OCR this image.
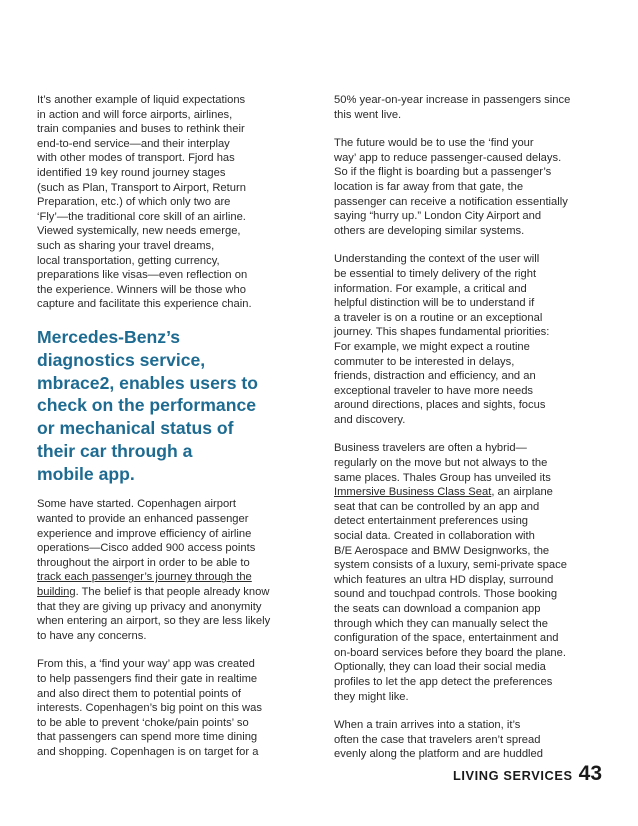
It’s another example of liquid expectations
in action and will force airports, airlines,
train companies and buses to rethink their
end-to-end service—and their interplay
with other modes of transport. Fjord has
identified 19 key round journey stages
(such as Plan, Transport to Airport, Return
Preparation, etc.) of which only two are
‘Fly’—the traditional core skill of an airline.
Viewed systemically, new needs emerge,
such as sharing your travel dreams,
local transportation, getting currency,
preparations like visas—even reflection on
the experience. Winners will be those who
capture and facilitate this experience chain.

Mercedes-Benz’s
diagnostics service,
mbrace2, enables users to
check on the performance
or mechanical status of
their car through a
mobile app.

Some have started. Copenhagen airport
wanted to provide an enhanced passenger
experience and improve efficiency of airline
operations—Cisco added 900 access points
throughout the airport in order to be able to
track each passenger’s journey through the
building. The belief is that people already know
that they are giving up privacy and anonymity
when entering an airport, so they are less likely
to have any concerns.

From this, a ‘find your way’ app was created
to help passengers find their gate in realtime
and also direct them to potential points of
interests. Copenhagen’s big point on this was
to be able to prevent ‘choke/pain points’ so
that passengers can spend more time dining
and shopping. Copenhagen is on target for a

50% year-on-year increase in passengers since
this went live.

The future would be to use the ‘find your
way’ app to reduce passenger-caused delays.
So if the flight is boarding but a passenger’s
location is far away from that gate, the
passenger can receive a notification essentially
saying “hurry up.” London City Airport and
others are developing similar systems.

Understanding the context of the user will
be essential to timely delivery of the right
information. For example, a critical and
helpful distinction will be to understand if
a traveler is on a routine or an exceptional
journey. This shapes fundamental priorities:
For example, we might expect a routine
commuter to be interested in delays,
friends, distraction and efficiency, and an
exceptional traveler to have more needs
around directions, places and sights, focus
and discovery.

Business travelers are often a hybrid—
regularly on the move but not always to the
same places. Thales Group has unveiled its
Immersive Business Class Seat, an airplane
seat that can be controlled by an app and
detect entertainment preferences using
social data. Created in collaboration with
B/E Aerospace and BMW Designworks, the
system consists of a luxury, semi-private space
which features an ultra HD display, surround
sound and touchpad controls. Those booking
the seats can download a companion app
through which they can manually select the
configuration of the space, entertainment and
on-board services before they board the plane.
Optionally, they can load their social media
profiles to let the app detect the preferences
they might like.

When a train arrives into a station, it’s
often the case that travelers aren’t spread
evenly along the platform and are huddled

LIVING SERVICES 43
